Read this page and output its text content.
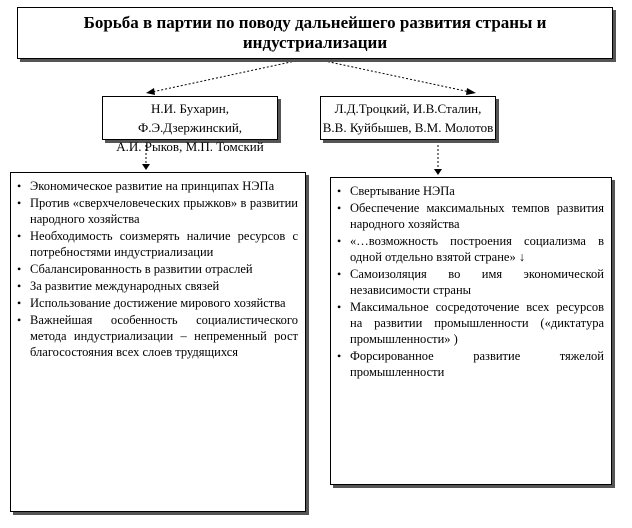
Борьба в партии по поводу дальнейшего развития страны и индустриализации
Н.И. Бухарин, Ф.Э.Дзержинский,
А.И. Рыков, М.П. Томский
Л.Д.Троцкий, И.В.Сталин,
В.В. Куйбышев, В.М. Молотов
• Экономическое развитие на принципах НЭПа
• Против «сверхчеловеческих прыжков» в развитии народного хозяйства
• Необходимость соизмерять наличие ресурсов с потребностями индустриализации
• Сбалансированность в развитии отраслей
• За развитие международных связей
• Использование достижение мирового хозяйства
• Важнейшая особенность социалистического метода индустриализации – непременный рост благосостояния всех слоев трудящихся
• Свертывание НЭПа
• Обеспечение максимальных темпов развития народного хозяйства
• «…возможность построения социализма в одной отдельно взятой стране» ↓
• Самоизоляция во имя экономической независимости страны
• Максимальное сосредоточение всех ресурсов на развитии промышленности («диктатура промышленности» )
• Форсированное развитие тяжелой промышленности
